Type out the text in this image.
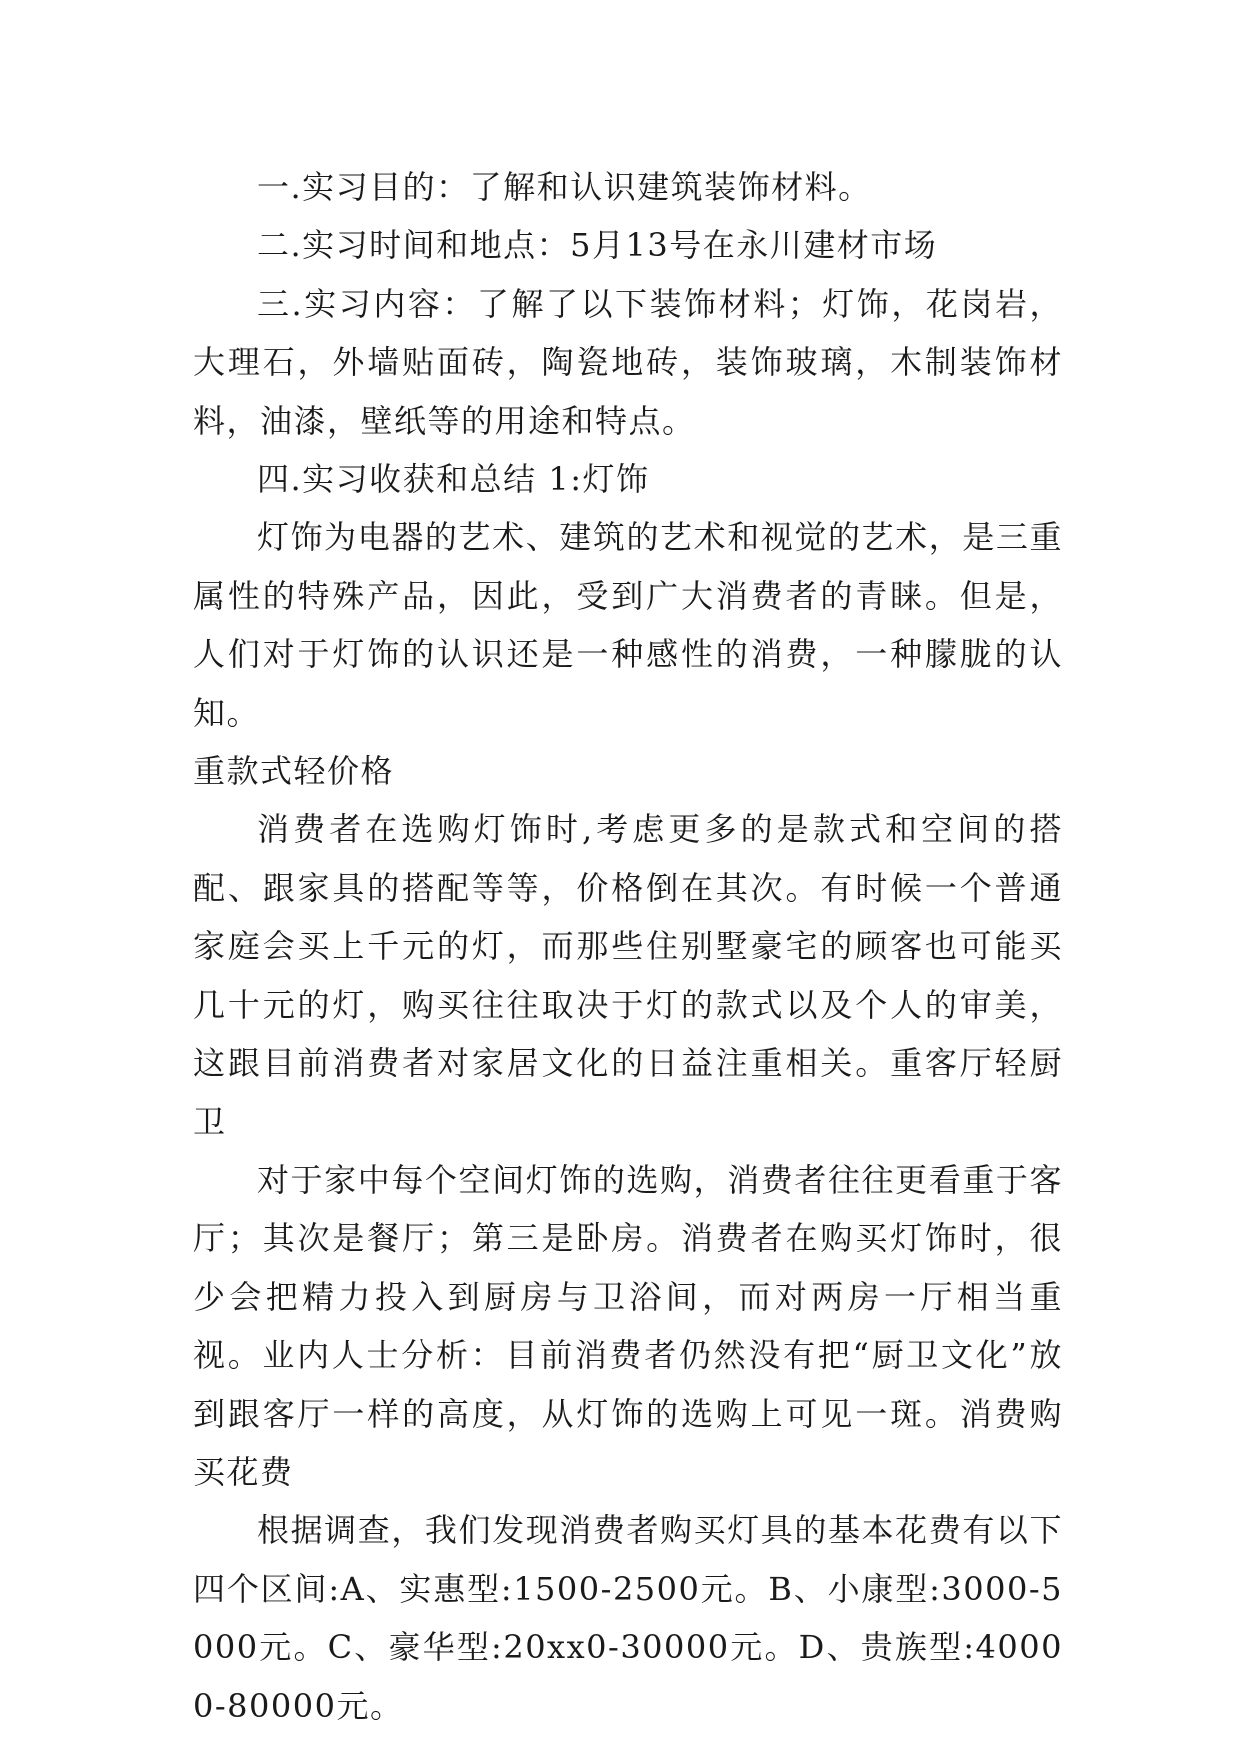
一.实习目的：了解和认识建筑装饰材料。

二.实习时间和地点：5月13号在永川建材市场

三.实习内容：了解了以下装饰材料；灯饰，花岗岩，大理石，外墙贴面砖，陶瓷地砖，装饰玻璃，木制装饰材料，油漆，壁纸等的用途和特点。

四.实习收获和总结 1:灯饰

灯饰为电器的艺术、建筑的艺术和视觉的艺术，是三重属性的特殊产品，因此，受到广大消费者的青睐。但是，人们对于灯饰的认识还是一种感性的消费，一种朦胧的认知。

重款式轻价格

消费者在选购灯饰时,考虑更多的是款式和空间的搭配、跟家具的搭配等等，价格倒在其次。有时候一个普通家庭会买上千元的灯，而那些住别墅豪宅的顾客也可能买几十元的灯，购买往往取决于灯的款式以及个人的审美，这跟目前消费者对家居文化的日益注重相关。重客厅轻厨卫

对于家中每个空间灯饰的选购，消费者往往更看重于客厅；其次是餐厅；第三是卧房。消费者在购买灯饰时，很少会把精力投入到厨房与卫浴间，而对两房一厅相当重视。业内人士分析：目前消费者仍然没有把“厨卫文化”放到跟客厅一样的高度，从灯饰的选购上可见一斑。消费购买花费

根据调查，我们发现消费者购买灯具的基本花费有以下四个区间:A、实惠型:1500-2500元。B、小康型:3000-5000元。C、豪华型:20xx0-30000元。D、贵族型:40000-80000元。
